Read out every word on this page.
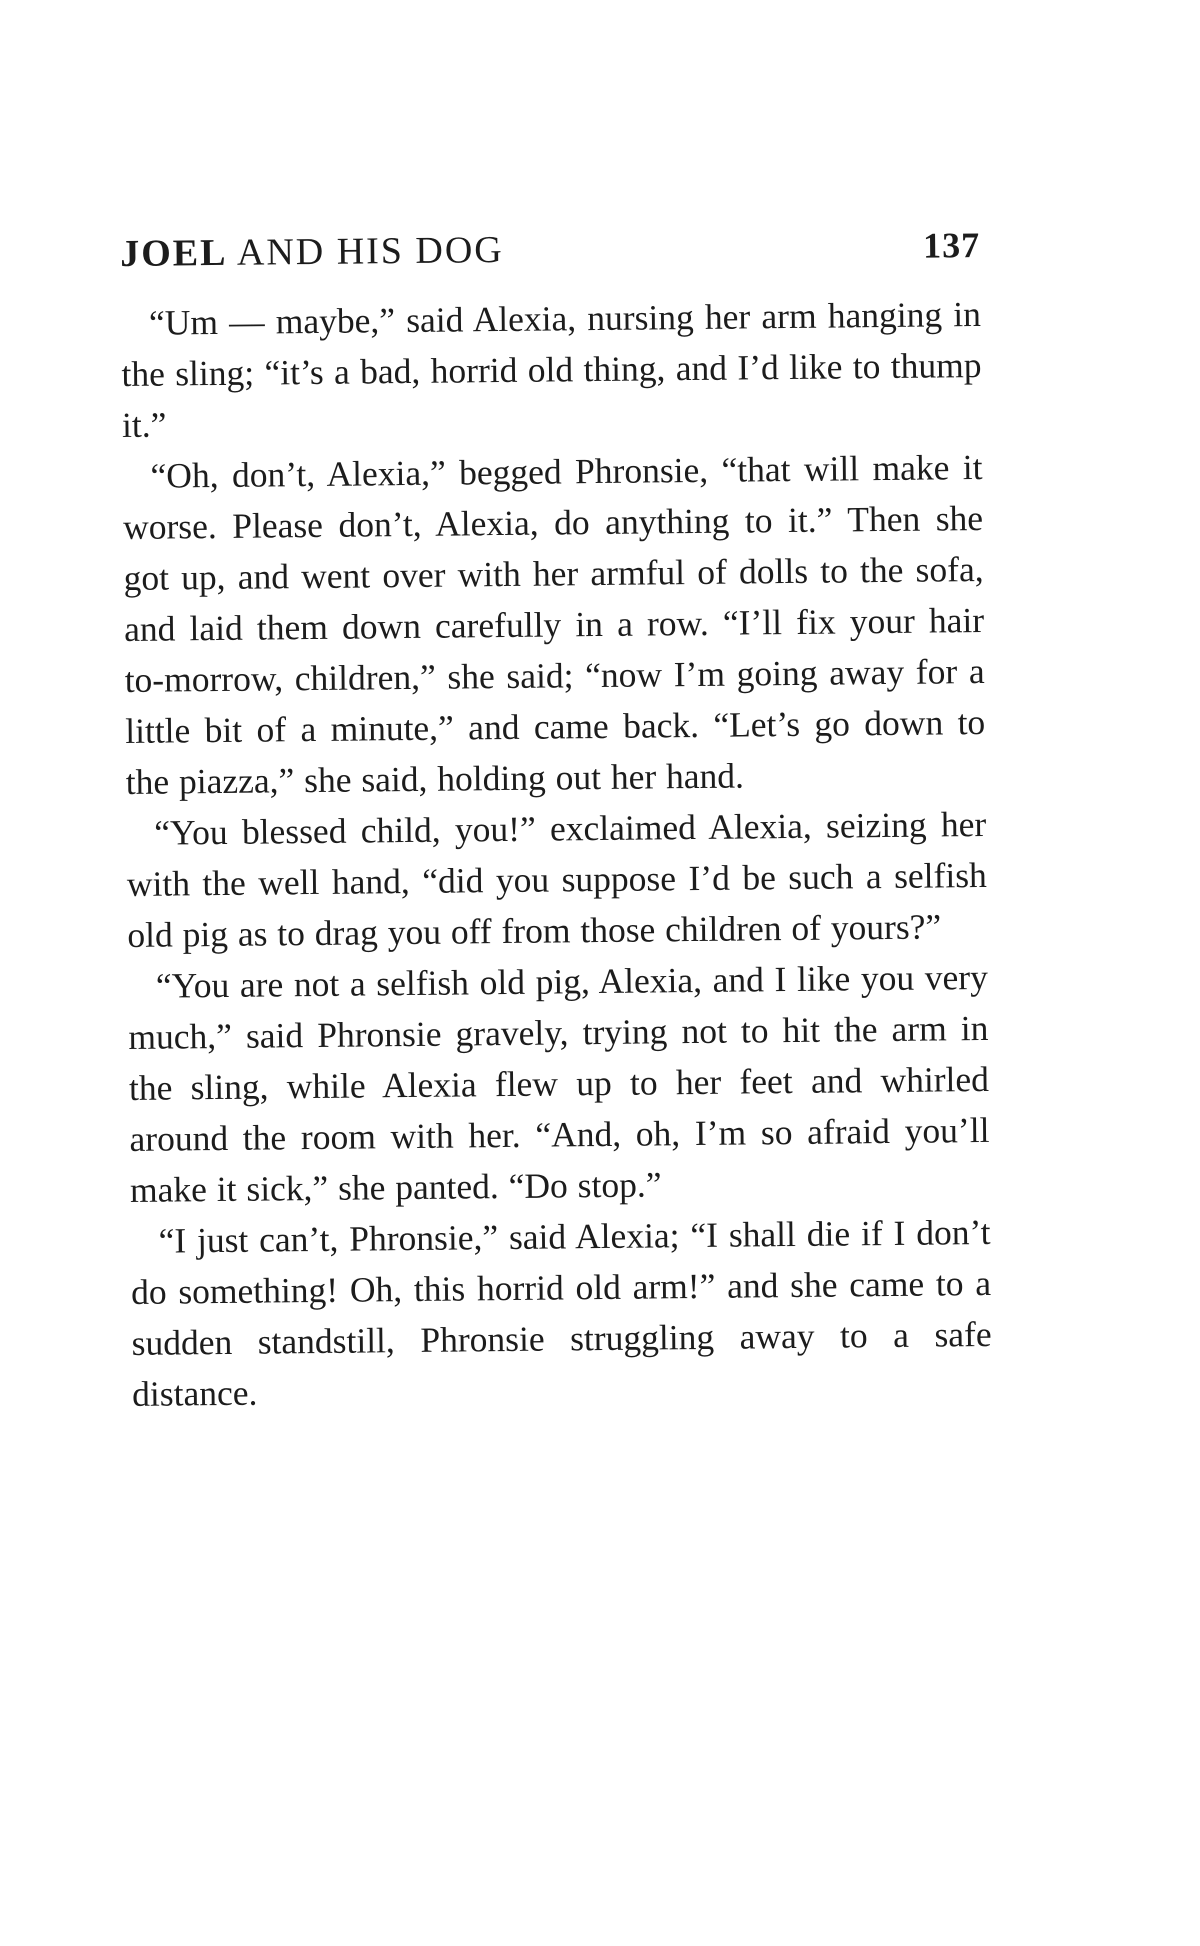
JOEL AND HIS DOG	137

“Um — maybe,” said Alexia, nursing her arm hanging in the sling; “it’s a bad, horrid old thing, and I’d like to thump it.”

“Oh, don’t, Alexia,” begged Phronsie, “that will make it worse. Please don’t, Alexia, do anything to it.” Then she got up, and went over with her armful of dolls to the sofa, and laid them down carefully in a row. “I’ll fix your hair to-morrow, children,” she said; “now I’m going away for a little bit of a minute,” and came back. “Let’s go down to the piazza,” she said, holding out her hand.

“You blessed child, you!” exclaimed Alexia, seizing her with the well hand, “did you suppose I’d be such a selfish old pig as to drag you off from those children of yours?”

“You are not a selfish old pig, Alexia, and I like you very much,” said Phronsie gravely, trying not to hit the arm in the sling, while Alexia flew up to her feet and whirled around the room with her. “And, oh, I’m so afraid you’ll make it sick,” she panted. “Do stop.”

“I just can’t, Phronsie,” said Alexia; “I shall die if I don’t do something! Oh, this horrid old arm!” and she came to a sudden standstill, Phronsie struggling away to a safe distance.
